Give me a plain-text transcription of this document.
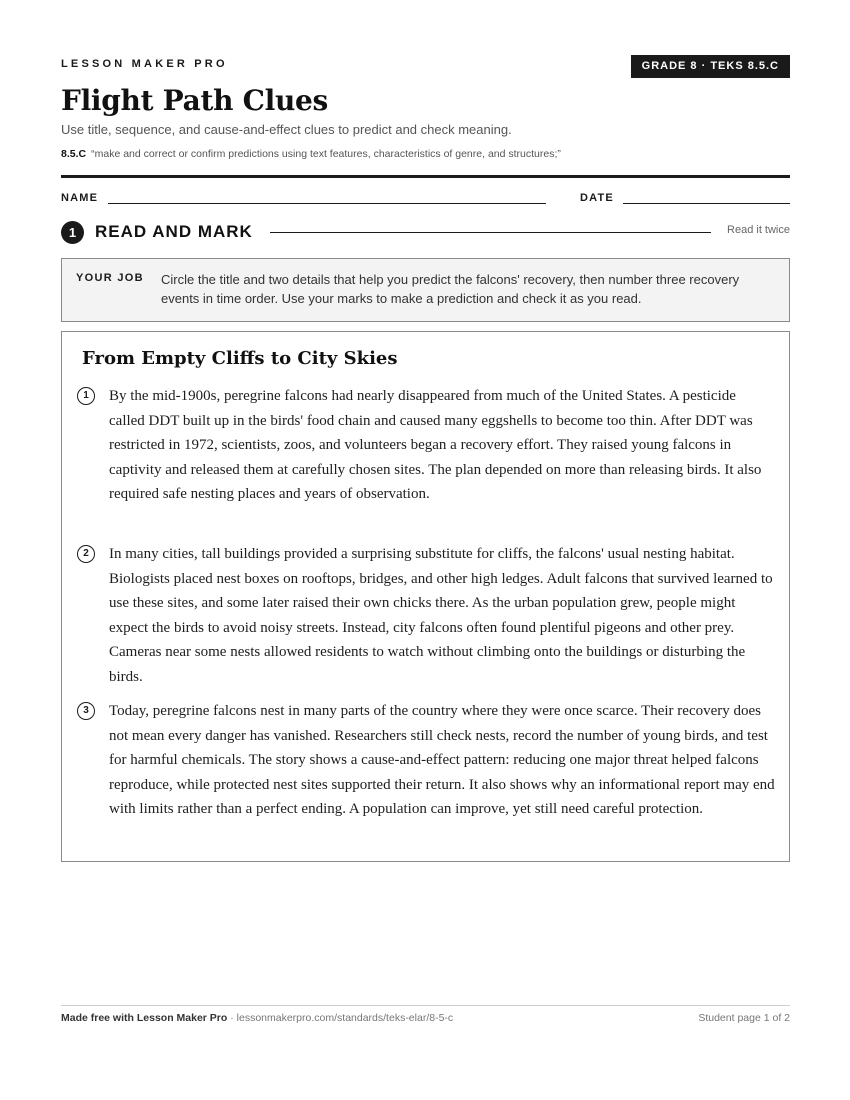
LESSON MAKER PRO	GRADE 8 · TEKS 8.5.C
Flight Path Clues
Use title, sequence, and cause-and-effect clues to predict and check meaning.
8.5.C “make and correct or confirm predictions using text features, characteristics of genre, and structures;”
NAME	DATE
1	READ AND MARK	Read it twice
YOUR JOB Circle the title and two details that help you predict the falcons' recovery, then number three recovery events in time order. Use your marks to make a prediction and check it as you read.
From Empty Cliffs to City Skies
1	By the mid-1900s, peregrine falcons had nearly disappeared from much of the United States. A pesticide called DDT built up in the birds' food chain and caused many eggshells to become too thin. After DDT was restricted in 1972, scientists, zoos, and volunteers began a recovery effort. They raised young falcons in captivity and released them at carefully chosen sites. The plan depended on more than releasing birds. It also required safe nesting places and years of observation.
2	In many cities, tall buildings provided a surprising substitute for cliffs, the falcons' usual nesting habitat. Biologists placed nest boxes on rooftops, bridges, and other high ledges. Adult falcons that survived learned to use these sites, and some later raised their own chicks there. As the urban population grew, people might expect the birds to avoid noisy streets. Instead, city falcons often found plentiful pigeons and other prey. Cameras near some nests allowed residents to watch without climbing onto the buildings or disturbing the birds.
3	Today, peregrine falcons nest in many parts of the country where they were once scarce. Their recovery does not mean every danger has vanished. Researchers still check nests, record the number of young birds, and test for harmful chemicals. The story shows a cause-and-effect pattern: reducing one major threat helped falcons reproduce, while protected nest sites supported their return. It also shows why an informational report may end with limits rather than a perfect ending. A population can improve, yet still need careful protection.
Made free with Lesson Maker Pro · lessonmakerpro.com/standards/teks-elar/8-5-c	Student page 1 of 2
